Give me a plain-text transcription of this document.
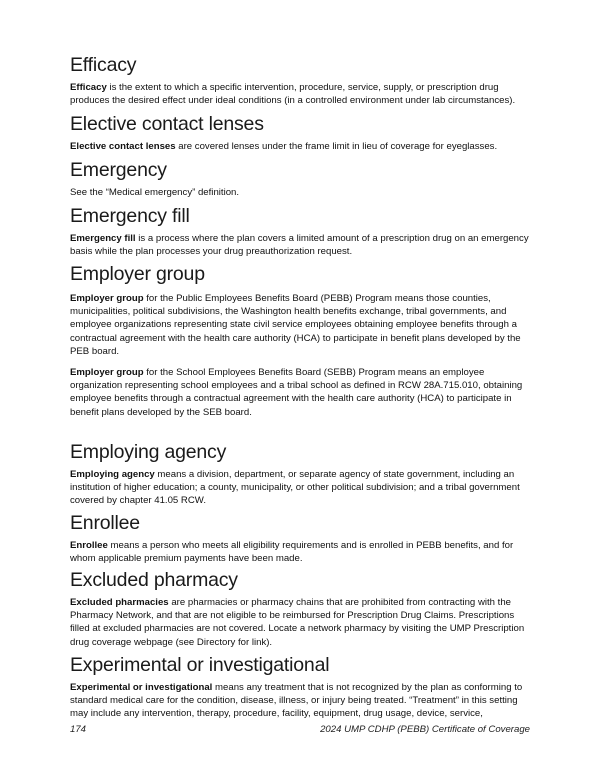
Efficacy

Efficacy is the extent to which a specific intervention, procedure, service, supply, or prescription drug produces the desired effect under ideal conditions (in a controlled environment under lab circumstances).

Elective contact lenses

Elective contact lenses are covered lenses under the frame limit in lieu of coverage for eyeglasses.

Emergency

See the “Medical emergency” definition.

Emergency fill

Emergency fill is a process where the plan covers a limited amount of a prescription drug on an emergency basis while the plan processes your drug preauthorization request.

Employer group

Employer group for the Public Employees Benefits Board (PEBB) Program means those counties, municipalities, political subdivisions, the Washington health benefits exchange, tribal governments, and employee organizations representing state civil service employees obtaining employee benefits through a contractual agreement with the health care authority (HCA) to participate in benefit plans developed by the PEB board.

Employer group for the School Employees Benefits Board (SEBB) Program means an employee organization representing school employees and a tribal school as defined in RCW 28A.715.010, obtaining employee benefits through a contractual agreement with the health care authority (HCA) to participate in benefit plans developed by the SEB board.

Employing agency

Employing agency means a division, department, or separate agency of state government, including an institution of higher education; a county, municipality, or other political subdivision; and a tribal government covered by chapter 41.05 RCW.

Enrollee

Enrollee means a person who meets all eligibility requirements and is enrolled in PEBB benefits, and for whom applicable premium payments have been made.

Excluded pharmacy

Excluded pharmacies are pharmacies or pharmacy chains that are prohibited from contracting with the Pharmacy Network, and that are not eligible to be reimbursed for Prescription Drug Claims. Prescriptions filled at excluded pharmacies are not covered. Locate a network pharmacy by visiting the UMP Prescription drug coverage webpage (see Directory for link).

Experimental or investigational

Experimental or investigational means any treatment that is not recognized by the plan as conforming to standard medical care for the condition, disease, illness, or injury being treated. “Treatment” in this setting may include any intervention, therapy, procedure, facility, equipment, drug usage, device, service,

174	2024 UMP CDHP (PEBB) Certificate of Coverage
